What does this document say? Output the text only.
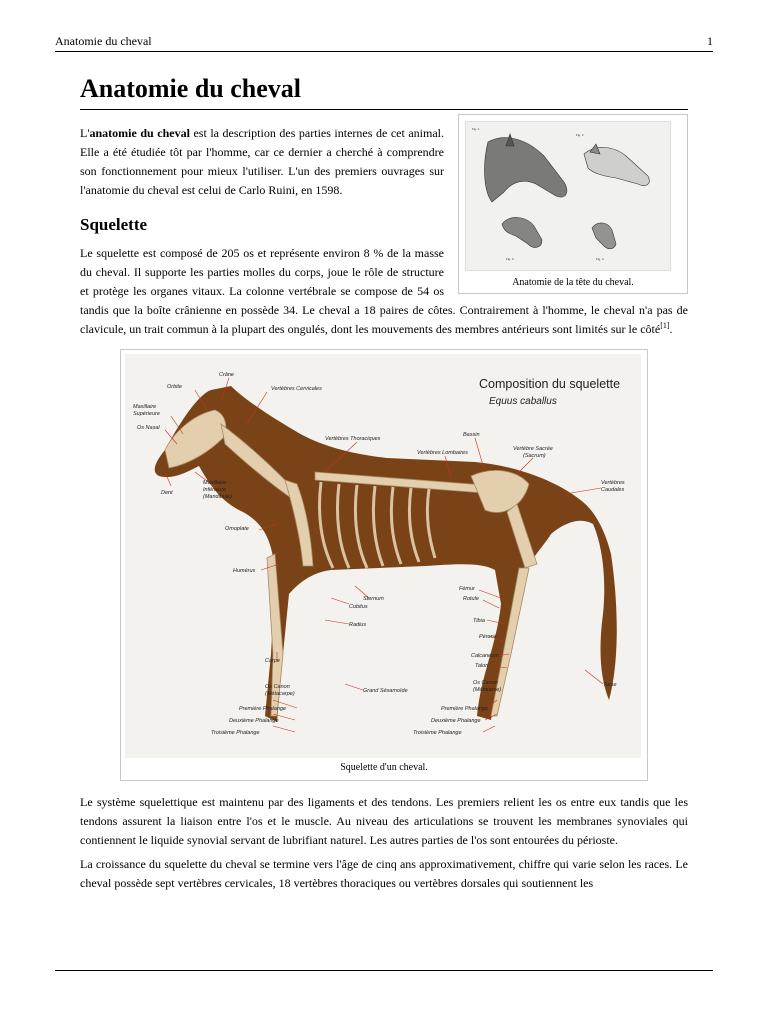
Anatomie du cheval	1
Anatomie du cheval
Fig. 1
Fig. 2
Fig. 3	Fig. 4
Anatomie de la tête du cheval.

L'anatomie du cheval est la description des parties internes de cet animal. Elle a été étudiée tôt par l'homme, car ce dernier a cherché à comprendre son fonctionnement pour mieux l'utiliser. L'un des premiers ouvrages sur l'anatomie du cheval est celui de Carlo Ruini, en 1598.

Squelette

Le squelette est composé de 205 os et représente environ 8 % de la masse du cheval. Il supporte les parties molles du corps, joue le rôle de structure et protège les organes vitaux. La colonne vertébrale se compose de 54 os tandis que la boîte crânienne en possède 34. Le cheval a 18 paires de côtes. Contrairement à l'homme, le cheval n'a pas de clavicule, un trait commun à la plupart des ongulés, dont les mouvements des membres antérieurs sont limités sur le côté[1].

Composition du squelette
Equus caballus
Crâne
Orbite	Vertèbres Cervicales
Maxillaire
Supérieure
Os Nasal
Vertèbres Thoraciques
Bassin
Vertèbres Lombaires
Vertèbre Sacrée
(Sacrum)
Vertèbres
Caudales
Dent
Maxillaire
Inférieure
(Mandibule)
Omoplate
Humérus
Sternum
Fémur
Rotule
Cubitus
Radius
Tibia
Péroné
Carpe
Calcaneum
Talon
Os Canon
(Métacarpe)	Grand Sésamoïde
Os Canon
(Métatarse)
Tarse
Première Phalange
Deuxième Phalange
Troisième Phalange
Première Phalange
Deuxième Phalange
Troisième Phalange
Squelette d'un cheval.

Le système squelettique est maintenu par des ligaments et des tendons. Les premiers relient les os entre eux tandis que les tendons assurent la liaison entre l'os et le muscle. Au niveau des articulations se trouvent les membranes synoviales qui contiennent le liquide synovial servant de lubrifiant naturel. Les autres parties de l'os sont entourées du périoste.

La croissance du squelette du cheval se termine vers l'âge de cinq ans approximativement, chiffre qui varie selon les races. Le cheval possède sept vertèbres cervicales, 18 vertèbres thoraciques ou vertèbres dorsales qui soutiennent les
